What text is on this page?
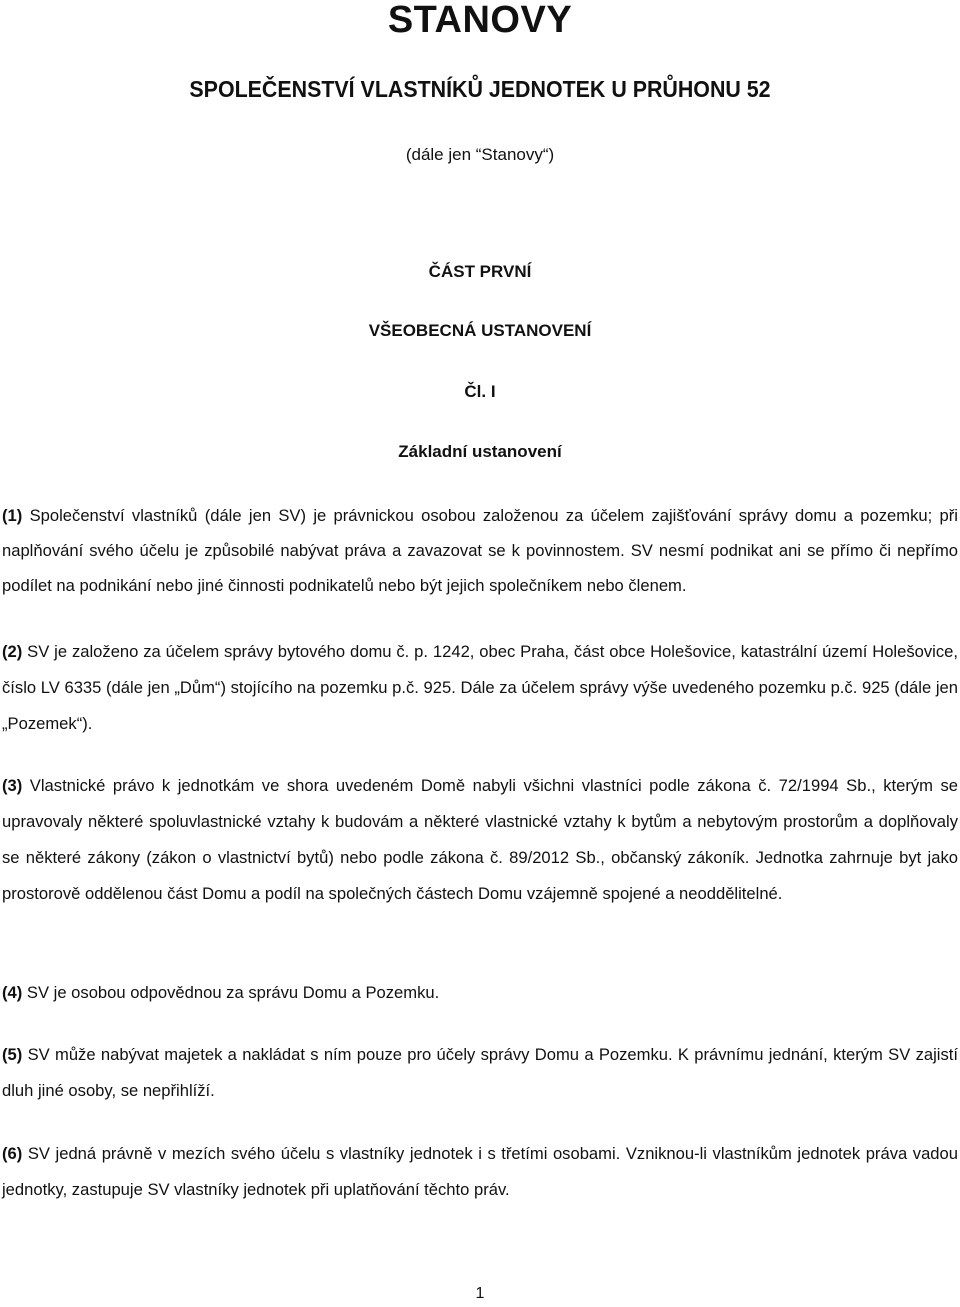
STANOVY
SPOLEČENSTVÍ VLASTNÍKŮ JEDNOTEK U PRŮHONU 52
(dále jen “Stanovy“)
ČÁST PRVNÍ
VŠEOBECNÁ USTANOVENÍ
Čl. I
Základní ustanovení

(1) Společenství vlastníků (dále jen SV) je právnickou osobou založenou za účelem zajišťování správy domu a pozemku; při naplňování svého účelu je způsobilé nabývat práva a zavazovat se k povinnostem. SV nesmí podnikat ani se přímo či nepřímo podílet na podnikání nebo jiné činnosti podnikatelů nebo být jejich společníkem nebo členem.

(2) SV je založeno za účelem správy bytového domu č. p. 1242, obec Praha, část obce Holešovice, katastrální území Holešovice, číslo LV 6335 (dále jen „Dům“) stojícího na pozemku p.č. 925. Dále za účelem správy výše uvedeného pozemku p.č. 925 (dále jen „Pozemek“).

(3) Vlastnické právo k jednotkám ve shora uvedeném Domě nabyli všichni vlastníci podle zákona č. 72/1994 Sb., kterým se upravovaly některé spoluvlastnické vztahy k budovám a některé vlastnické vztahy k bytům a nebytovým prostorům a doplňovaly se některé zákony (zákon o vlastnictví bytů) nebo podle zákona č. 89/2012 Sb., občanský zákoník. Jednotka zahrnuje byt jako prostorově oddělenou část Domu a podíl na společných částech Domu vzájemně spojené a neoddělitelné.

(4) SV je osobou odpovědnou za správu Domu a Pozemku.

(5) SV může nabývat majetek a nakládat s ním pouze pro účely správy Domu a Pozemku. K právnímu jednání, kterým SV zajistí dluh jiné osoby, se nepřihlíží.

(6) SV jedná právně v mezích svého účelu s vlastníky jednotek i s třetími osobami. Vzniknou-li vlastníkům jednotek práva vadou jednotky, zastupuje SV vlastníky jednotek při uplatňování těchto práv.

1
